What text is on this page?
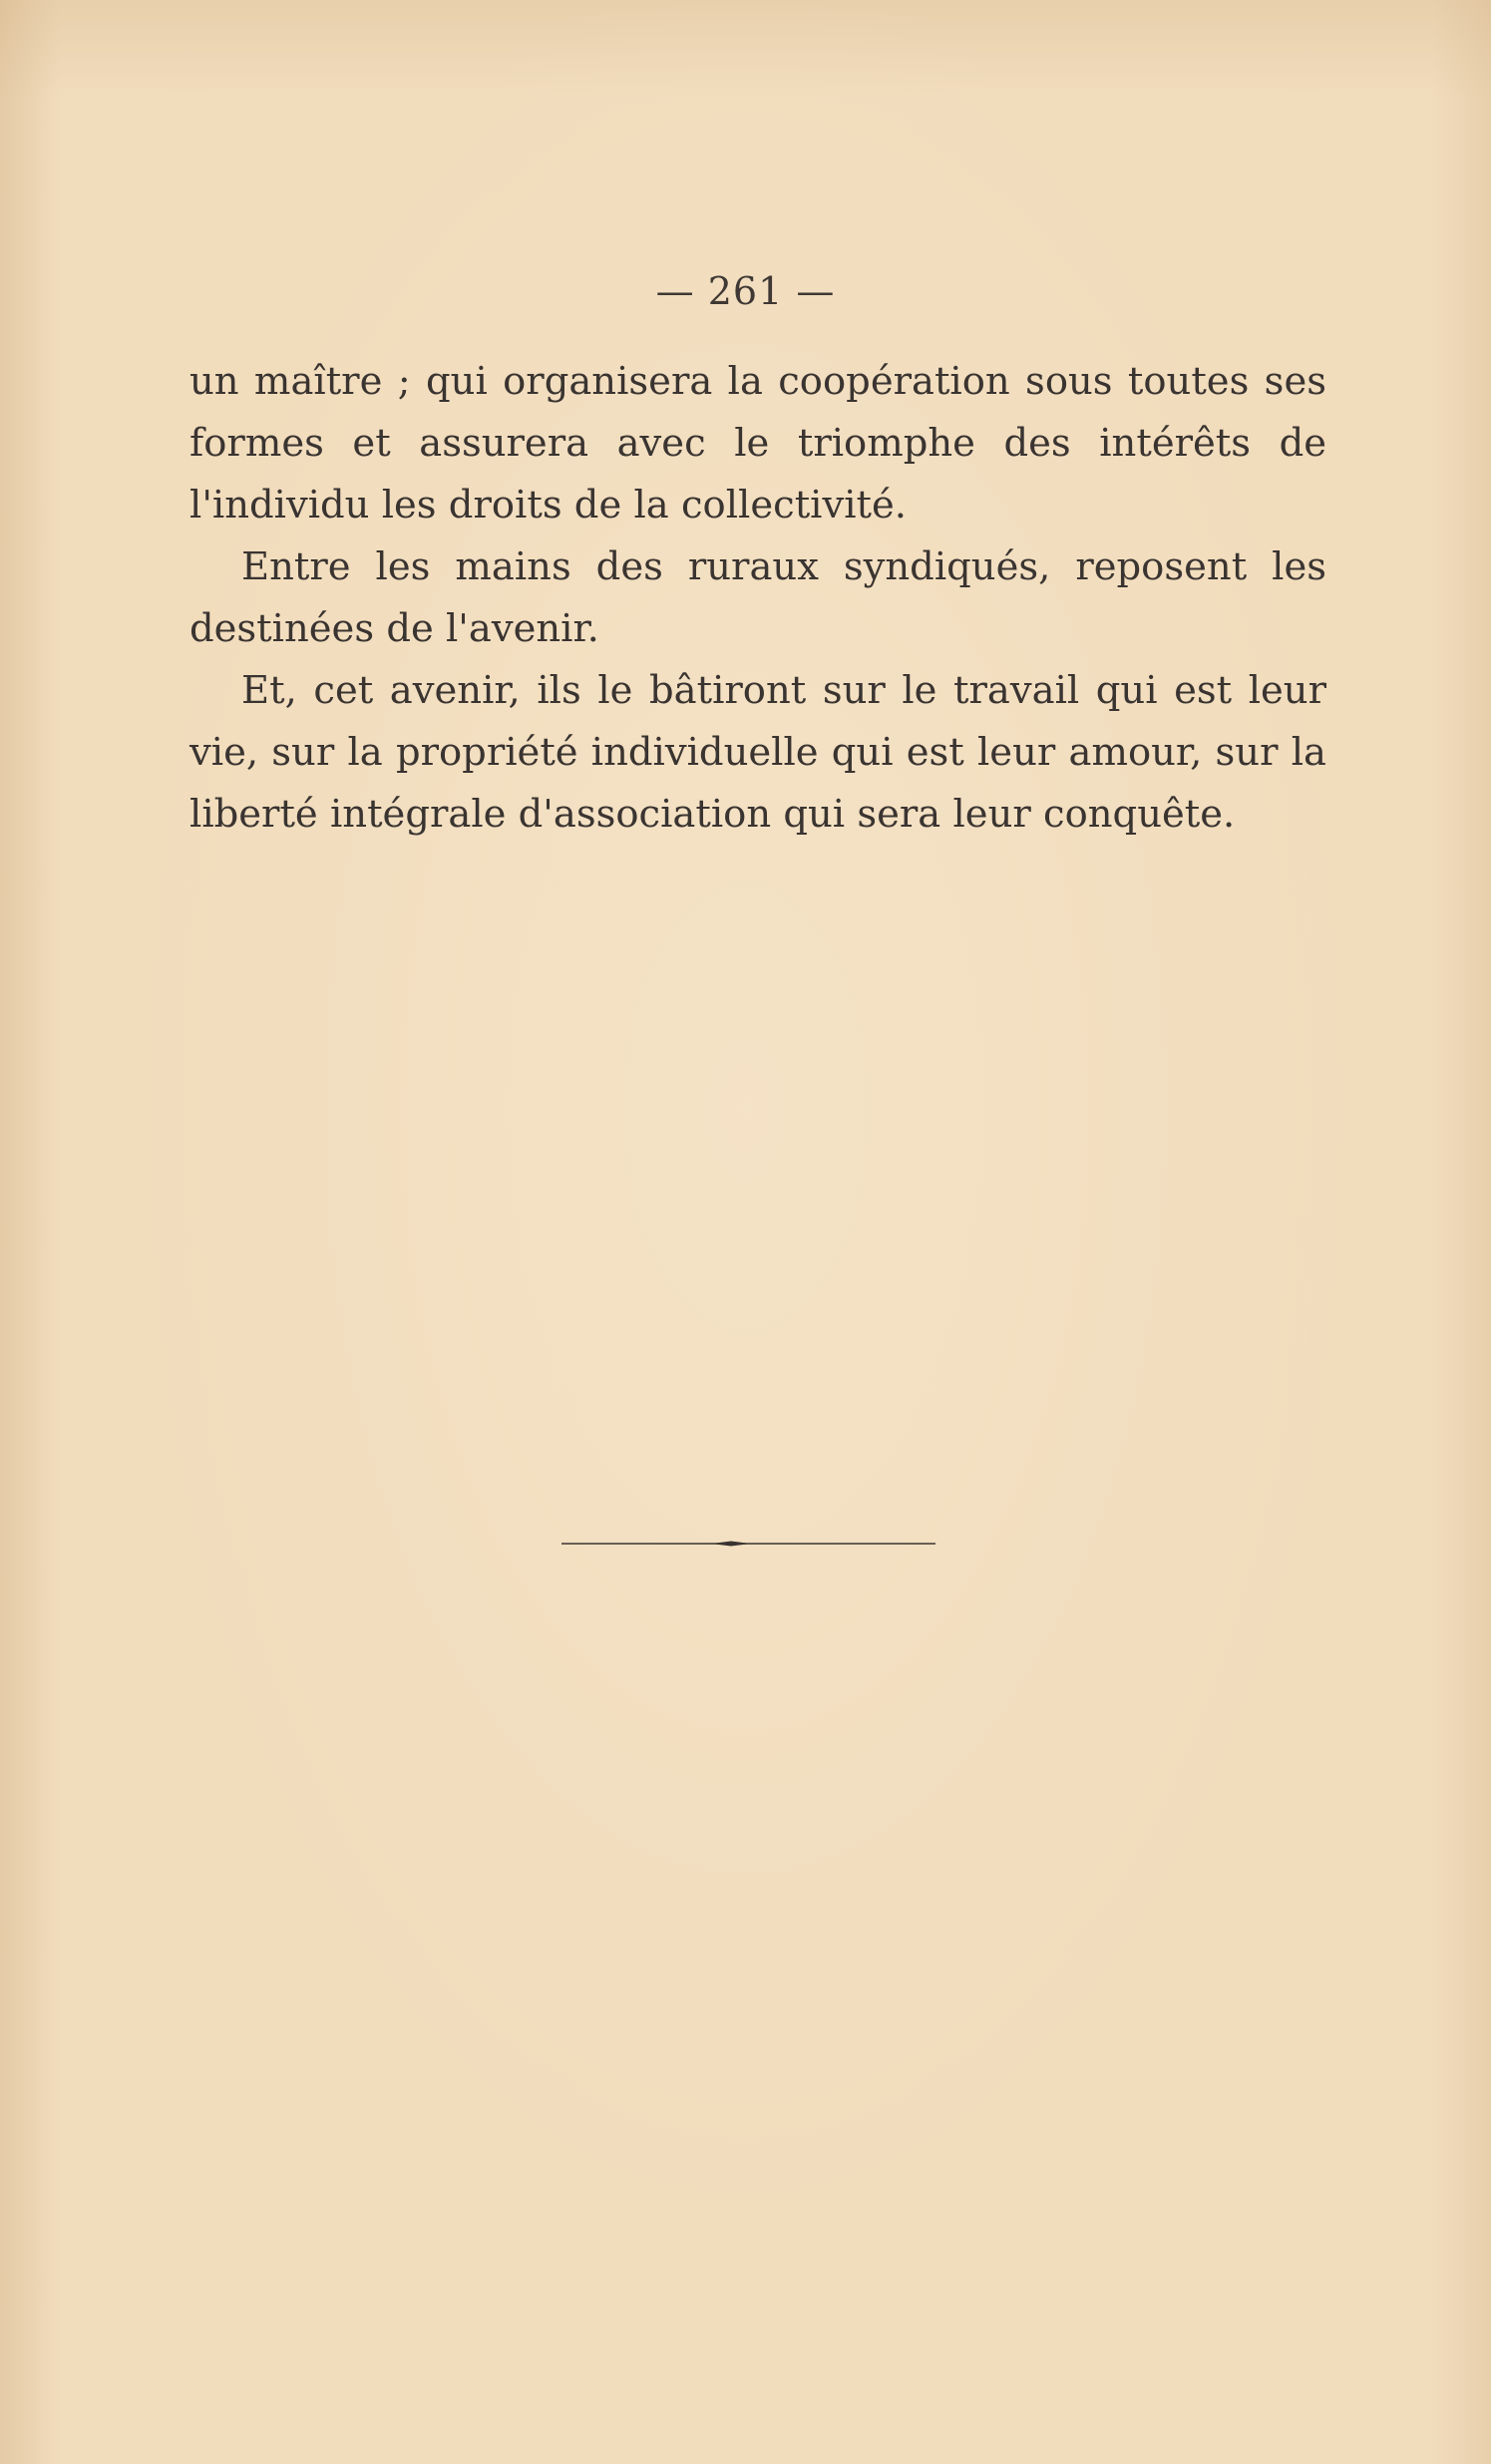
— 261 —

un maître ; qui organisera la coopération sous toutes ses formes et assurera avec le triomphe des intérêts de l'individu les droits de la collectivité.

Entre les mains des ruraux syndiqués, reposent les destinées de l'avenir.

Et, cet avenir, ils le bâtiront sur le travail qui est leur vie, sur la propriété individuelle qui est leur amour, sur la liberté intégrale d'association qui sera leur conquête.
